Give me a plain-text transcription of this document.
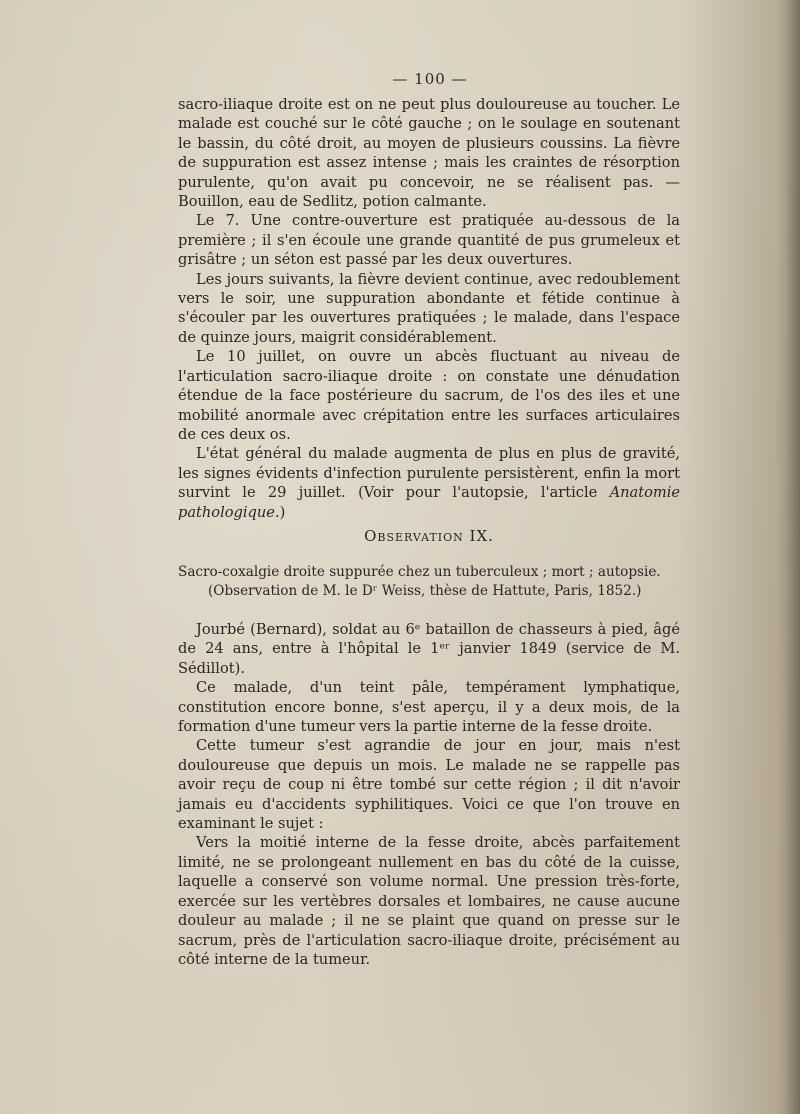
— 100 —

sacro-iliaque droite est on ne peut plus douloureuse au toucher. Le malade est couché sur le côté gauche ; on le soulage en soutenant le bassin, du côté droit, au moyen de plusieurs coussins. La fièvre de suppuration est assez intense ; mais les craintes de résorption purulente, qu'on avait pu concevoir, ne se réalisent pas. — Bouillon, eau de Sedlitz, potion calmante.

Le 7. Une contre-ouverture est pratiquée au-dessous de la première ; il s'en écoule une grande quantité de pus grumeleux et grisâtre ; un séton est passé par les deux ouvertures.

Les jours suivants, la fièvre devient continue, avec redoublement vers le soir, une suppuration abondante et fétide continue à s'écouler par les ouvertures pratiquées ; le malade, dans l'espace de quinze jours, maigrit considérablement.

Le 10 juillet, on ouvre un abcès fluctuant au niveau de l'articulation sacro-iliaque droite : on constate une dénudation étendue de la face postérieure du sacrum, de l'os des iles et une mobilité anormale avec crépitation entre les surfaces articulaires de ces deux os.

L'état général du malade augmenta de plus en plus de gravité, les signes évidents d'infection purulente persistèrent, enfin la mort survint le 29 juillet. (Voir pour l'autopsie, l'article Anatomie pathologique.)

Observation IX.
Sacro-coxalgie droite suppurée chez un tuberculeux ; mort ; autopsie.
(Observation de M. le Dʳ Weiss, thèse de Hattute, Paris, 1852.)

Jourbé (Bernard), soldat au 6ᵉ bataillon de chasseurs à pied, âgé de 24 ans, entre à l'hôpital le 1ᵉʳ janvier 1849 (service de M. Sédillot).

Ce malade, d'un teint pâle, tempérament lymphatique, constitution encore bonne, s'est aperçu, il y a deux mois, de la formation d'une tumeur vers la partie interne de la fesse droite.

Cette tumeur s'est agrandie de jour en jour, mais n'est douloureuse que depuis un mois. Le malade ne se rappelle pas avoir reçu de coup ni être tombé sur cette région ; il dit n'avoir jamais eu d'accidents syphilitiques. Voici ce que l'on trouve en examinant le sujet :

Vers la moitié interne de la fesse droite, abcès parfaitement limité, ne se prolongeant nullement en bas du côté de la cuisse, laquelle a conservé son volume normal. Une pression très-forte, exercée sur les vertèbres dorsales et lombaires, ne cause aucune douleur au malade ; il ne se plaint que quand on presse sur le sacrum, près de l'articulation sacro-iliaque droite, précisément au côté interne de la tumeur.
